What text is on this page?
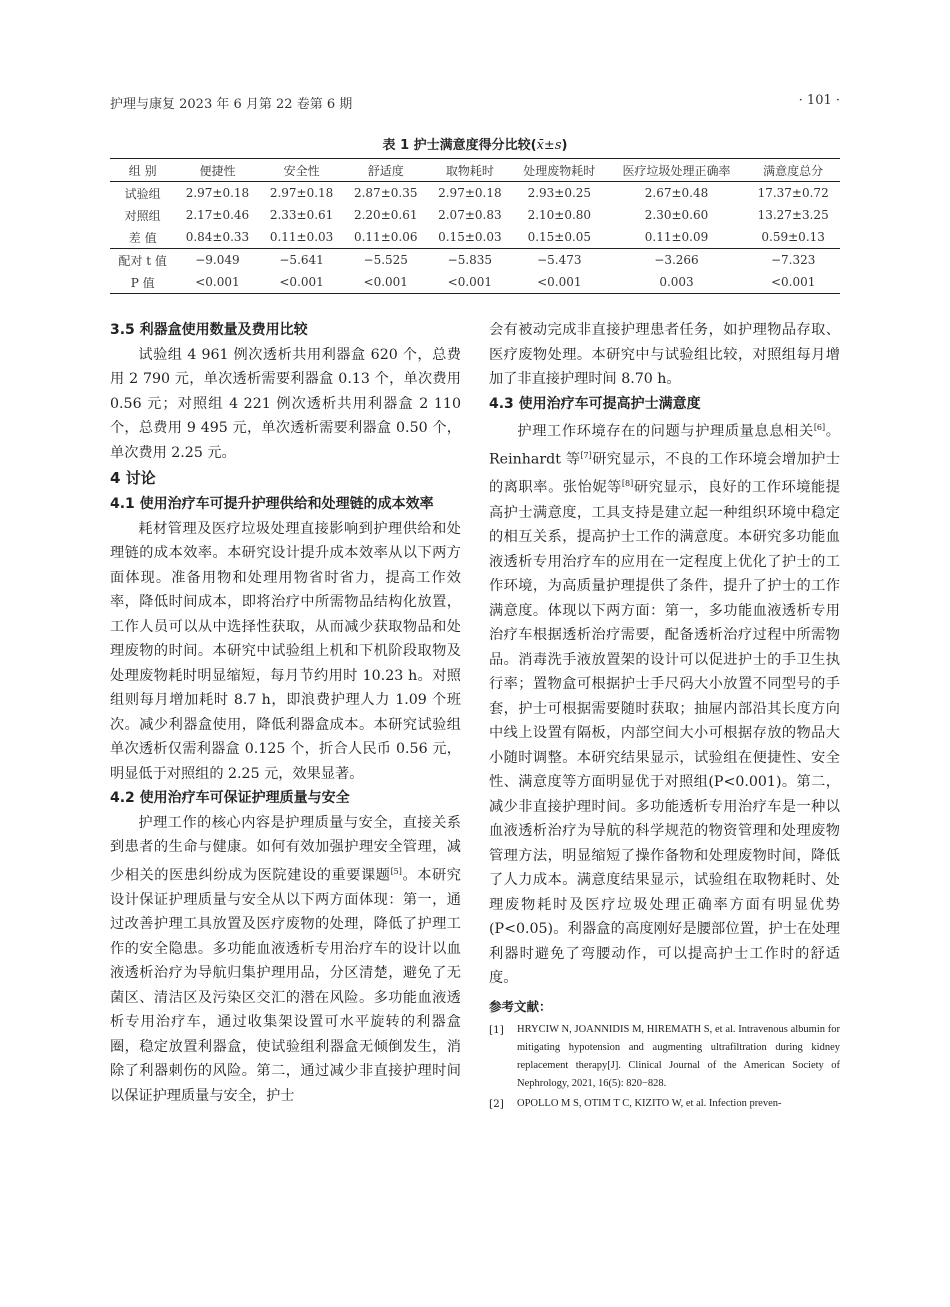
护理与康复 2023 年 6 月第 22 卷第 6 期	· 101 ·
表 1 护士满意度得分比较(x̄±s)
组 别	便捷性	安全性	舒适度	取物耗时	处理废物耗时	医疗垃圾处理正确率	满意度总分
试验组	2.97±0.18	2.97±0.18	2.87±0.35	2.97±0.18	2.93±0.25	2.67±0.48	17.37±0.72
对照组	2.17±0.46	2.33±0.61	2.20±0.61	2.07±0.83	2.10±0.80	2.30±0.60	13.27±3.25
差 值	0.84±0.33	0.11±0.03	0.11±0.06	0.15±0.03	0.15±0.05	0.11±0.09	0.59±0.13
配对 t 值	−9.049	−5.641	−5.525	−5.835	−5.473	−3.266	−7.323
P 值	<0.001	<0.001	<0.001	<0.001	<0.001	0.003	<0.001
3.5 利器盒使用数量及费用比较

试验组 4 961 例次透析共用利器盒 620 个，总费用 2 790 元，单次透析需要利器盒 0.13 个，单次费用 0.56 元；对照组 4 221 例次透析共用利器盒 2 110 个，总费用 9 495 元，单次透析需要利器盒 0.50 个，单次费用 2.25 元。

4 讨论
4.1 使用治疗车可提升护理供给和处理链的成本效率

耗材管理及医疗垃圾处理直接影响到护理供给和处理链的成本效率。本研究设计提升成本效率从以下两方面体现。准备用物和处理用物省时省力，提高工作效率，降低时间成本，即将治疗中所需物品结构化放置，工作人员可以从中选择性获取，从而减少获取物品和处理废物的时间。本研究中试验组上机和下机阶段取物及处理废物耗时明显缩短，每月节约用时 10.23 h。对照组则每月增加耗时 8.7 h，即浪费护理人力 1.09 个班次。减少利器盒使用，降低利器盒成本。本研究试验组单次透析仅需利器盒 0.125 个，折合人民币 0.56 元，明显低于对照组的 2.25 元，效果显著。

4.2 使用治疗车可保证护理质量与安全

护理工作的核心内容是护理质量与安全，直接关系到患者的生命与健康。如何有效加强护理安全管理，减少相关的医患纠纷成为医院建设的重要课题[5]。本研究设计保证护理质量与安全从以下两方面体现：第一，通过改善护理工具放置及医疗废物的处理，降低了护理工作的安全隐患。多功能血液透析专用治疗车的设计以血液透析治疗为导航归集护理用品，分区清楚，避免了无菌区、清洁区及污染区交汇的潜在风险。多功能血液透析专用治疗车，通过收集架设置可水平旋转的利器盒圈，稳定放置利器盒，使试验组利器盒无倾倒发生，消除了利器刺伤的风险。第二，通过减少非直接护理时间以保证护理质量与安全，护士

会有被动完成非直接护理患者任务，如护理物品存取、医疗废物处理。本研究中与试验组比较，对照组每月增加了非直接护理时间 8.70 h。

4.3 使用治疗车可提高护士满意度

护理工作环境存在的问题与护理质量息息相关[6]。Reinhardt 等[7]研究显示，不良的工作环境会增加护士的离职率。张怡妮等[8]研究显示，良好的工作环境能提高护士满意度，工具支持是建立起一种组织环境中稳定的相互关系，提高护士工作的满意度。本研究多功能血液透析专用治疗车的应用在一定程度上优化了护士的工作环境，为高质量护理提供了条件，提升了护士的工作满意度。体现以下两方面：第一，多功能血液透析专用治疗车根据透析治疗需要，配备透析治疗过程中所需物品。消毒洗手液放置架的设计可以促进护士的手卫生执行率；置物盒可根据护士手尺码大小放置不同型号的手套，护士可根据需要随时获取；抽屉内部沿其长度方向中线上设置有隔板，内部空间大小可根据存放的物品大小随时调整。本研究结果显示，试验组在便捷性、安全性、满意度等方面明显优于对照组(P<0.001)。第二，减少非直接护理时间。多功能透析专用治疗车是一种以血液透析治疗为导航的科学规范的物资管理和处理废物管理方法，明显缩短了操作备物和处理废物时间，降低了人力成本。满意度结果显示，试验组在取物耗时、处理废物耗时及医疗垃圾处理正确率方面有明显优势(P<0.05)。利器盒的高度刚好是腰部位置，护士在处理利器时避免了弯腰动作，可以提高护士工作时的舒适度。

参考文献：
[1]	HRYCIW N, JOANNIDIS M, HIREMATH S, et al. Intravenous albumin for mitigating hypotension and augmenting ultrafiltration during kidney replacement therapy[J]. Clinical Journal of the American Society of Nephrology, 2021, 16(5): 820−828.
[2]	OPOLLO M S, OTIM T C, KIZITO W, et al. Infection preven-
